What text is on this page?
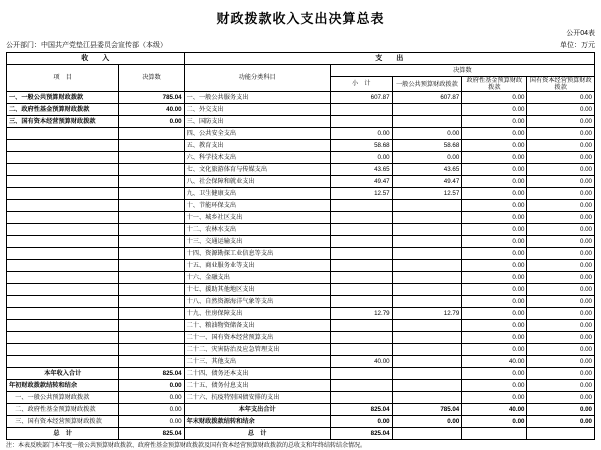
财政拨款收入支出决算总表

公开04表
公开部门：中国共产党垫江县委员会宣传部（本级）	单位：万元
收　　入		支　　出				
项　目	决算数	功能分类科目	决算数			
			小　计	一般公共预算财政拨款	政府性基金预算财政拨款	国有资本经营预算财政拨款
一、一般公共预算财政拨款	785.04	一、一般公共服务支出	607.87	607.87	0.00	0.00
二、政府性基金预算财政拨款	40.00	二、外交支出			0.00	0.00
三、国有资本经营预算财政拨款	0.00	三、国防支出			0.00	0.00
		四、公共安全支出	0.00	0.00	0.00	0.00
		五、教育支出	58.68	58.68	0.00	0.00
		六、科学技术支出	0.00	0.00	0.00	0.00
		七、文化旅游体育与传媒支出	43.65	43.65	0.00	0.00
		八、社会保障和就业支出	49.47	49.47	0.00	0.00
		九、卫生健康支出	12.57	12.57	0.00	0.00
		十、节能环保支出			0.00	0.00
		十一、城乡社区支出			0.00	0.00
		十二、农林水支出			0.00	0.00
		十三、交通运输支出			0.00	0.00
		十四、资源勘探工业信息等支出			0.00	0.00
		十五、商业服务业等支出			0.00	0.00
		十六、金融支出			0.00	0.00
		十七、援助其他地区支出			0.00	0.00
		十八、自然资源海洋气象等支出			0.00	0.00
		十九、住房保障支出	12.79	12.79	0.00	0.00
		二十、粮油物资储备支出			0.00	0.00
		二十一、国有资本经营预算支出			0.00	0.00
		二十二、灾害防治及应急管理支出			0.00	0.00
		二十三、其他支出	40.00		40.00	0.00
本年收入合计	825.04	二十四、债务还本支出			0.00	0.00
年初财政拨款结转和结余	0.00	二十五、债务付息支出			0.00	0.00
　一、一般公共预算财政拨款	0.00	二十六、抗疫特别国债安排的支出			0.00	0.00
　二、政府性基金预算财政拨款	0.00	本年支出合计	825.04	785.04	40.00	0.00
　三、国有资本经营预算财政拨款	0.00	年末财政拨款结转和结余	0.00	0.00	0.00	0.00
总　计	825.04	总　计	825.04			
注：本表反映部门本年度一般公共预算财政拨款、政府性基金预算财政拨款及国有资本经营预算财政拨款的总收支和年终结转结余情况。
